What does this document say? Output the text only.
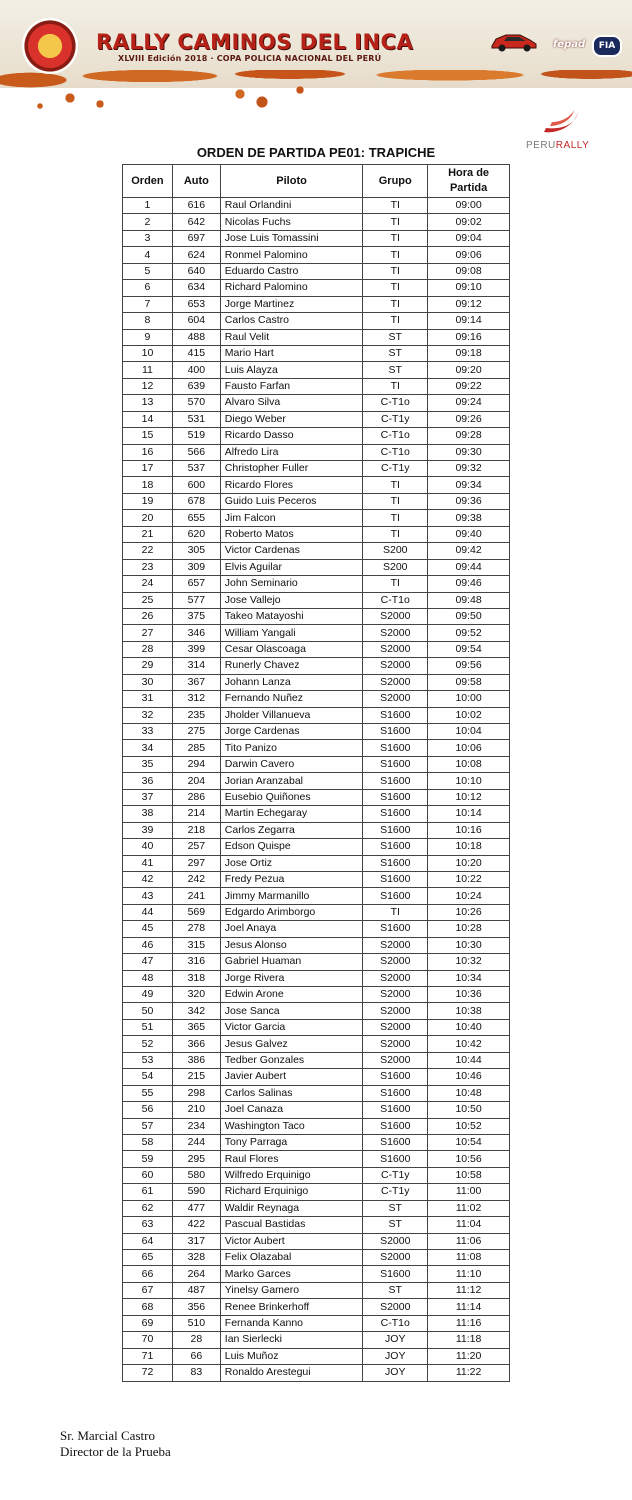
RALLY CAMINOS DEL INCA
XLVIII Edición 2018 · COPA POLICIA NACIONAL DEL PERÚ
fepad	FIA
PERURALLY
ORDEN DE PARTIDA PE01: TRAPICHE
Orden	Auto	Piloto	Grupo	Hora de Partida
1	616	Raul Orlandini	TI	09:00
2	642	Nicolas Fuchs	TI	09:02
3	697	Jose Luis Tomassini	TI	09:04
4	624	Ronmel Palomino	TI	09:06
5	640	Eduardo Castro	TI	09:08
6	634	Richard Palomino	TI	09:10
7	653	Jorge Martinez	TI	09:12
8	604	Carlos Castro	TI	09:14
9	488	Raul Velit	ST	09:16
10	415	Mario Hart	ST	09:18
11	400	Luis Alayza	ST	09:20
12	639	Fausto Farfan	TI	09:22
13	570	Alvaro Silva	C-T1o	09:24
14	531	Diego Weber	C-T1y	09:26
15	519	Ricardo Dasso	C-T1o	09:28
16	566	Alfredo Lira	C-T1o	09:30
17	537	Christopher Fuller	C-T1y	09:32
18	600	Ricardo Flores	TI	09:34
19	678	Guido Luis Peceros	TI	09:36
20	655	Jim Falcon	TI	09:38
21	620	Roberto Matos	TI	09:40
22	305	Victor Cardenas	S200	09:42
23	309	Elvis Aguilar	S200	09:44
24	657	John Seminario	TI	09:46
25	577	Jose Vallejo	C-T1o	09:48
26	375	Takeo Matayoshi	S2000	09:50
27	346	William Yangali	S2000	09:52
28	399	Cesar Olascoaga	S2000	09:54
29	314	Runerly Chavez	S2000	09:56
30	367	Johann Lanza	S2000	09:58
31	312	Fernando Nuñez	S2000	10:00
32	235	Jholder Villanueva	S1600	10:02
33	275	Jorge Cardenas	S1600	10:04
34	285	Tito Panizo	S1600	10:06
35	294	Darwin Cavero	S1600	10:08
36	204	Jorian Aranzabal	S1600	10:10
37	286	Eusebio Quiñones	S1600	10:12
38	214	Martin Echegaray	S1600	10:14
39	218	Carlos Zegarra	S1600	10:16
40	257	Edson Quispe	S1600	10:18
41	297	Jose Ortiz	S1600	10:20
42	242	Fredy Pezua	S1600	10:22
43	241	Jimmy Marmanillo	S1600	10:24
44	569	Edgardo Arimborgo	TI	10:26
45	278	Joel Anaya	S1600	10:28
46	315	Jesus Alonso	S2000	10:30
47	316	Gabriel Huaman	S2000	10:32
48	318	Jorge Rivera	S2000	10:34
49	320	Edwin Arone	S2000	10:36
50	342	Jose Sanca	S2000	10:38
51	365	Victor Garcia	S2000	10:40
52	366	Jesus Galvez	S2000	10:42
53	386	Tedber Gonzales	S2000	10:44
54	215	Javier Aubert	S1600	10:46
55	298	Carlos Salinas	S1600	10:48
56	210	Joel Canaza	S1600	10:50
57	234	Washington Taco	S1600	10:52
58	244	Tony Parraga	S1600	10:54
59	295	Raul Flores	S1600	10:56
60	580	Wilfredo Erquinigo	C-T1y	10:58
61	590	Richard Erquinigo	C-T1y	11:00
62	477	Waldir Reynaga	ST	11:02
63	422	Pascual Bastidas	ST	11:04
64	317	Victor Aubert	S2000	11:06
65	328	Felix Olazabal	S2000	11:08
66	264	Marko Garces	S1600	11:10
67	487	Yinelsy Gamero	ST	11:12
68	356	Renee Brinkerhoff	S2000	11:14
69	510	Fernanda Kanno	C-T1o	11:16
70	28	Ian Sierlecki	JOY	11:18
71	66	Luis Muñoz	JOY	11:20
72	83	Ronaldo Arestegui	JOY	11:22
Sr. Marcial Castro
Director de la Prueba
